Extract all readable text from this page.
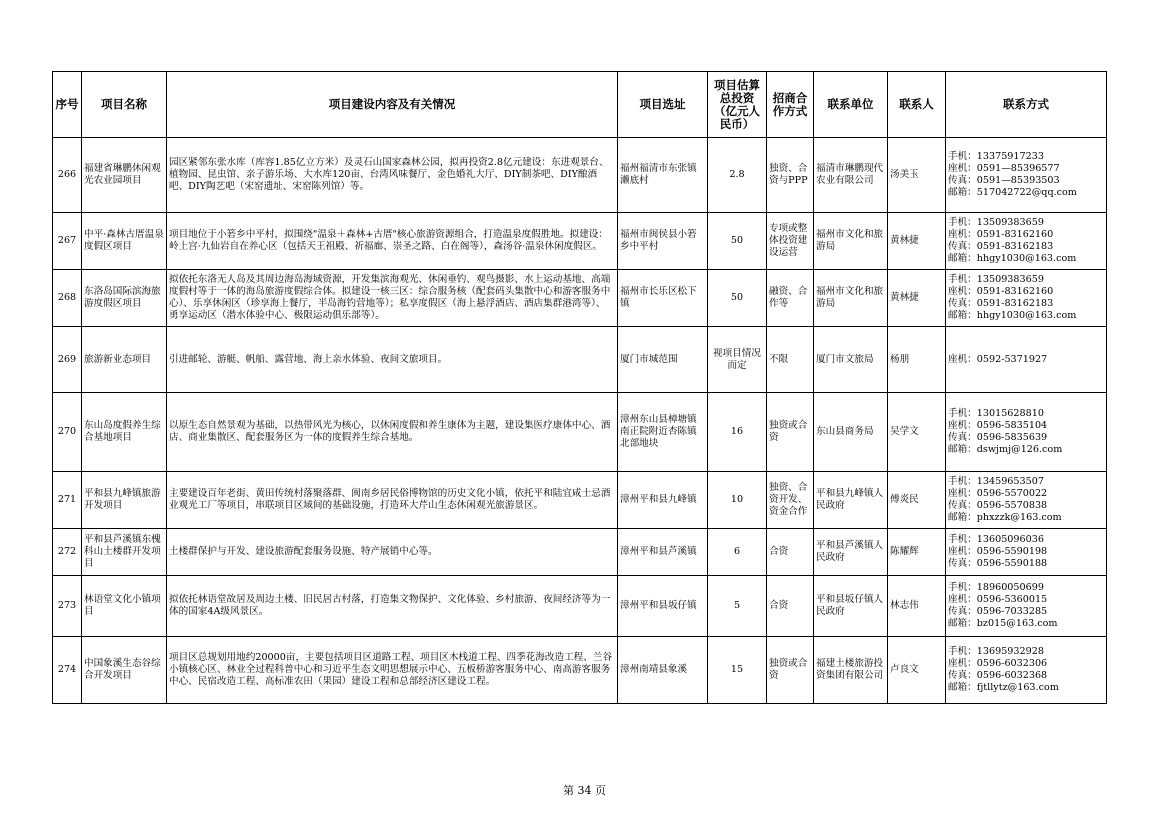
序号	项目名称	项目建设内容及有关情况	项目选址	项目估算总投资（亿元人民币）	招商合作方式	联系单位	联系人	联系方式
266	福建省琳鹏休闲观光农业园项目	园区紧邻东张水库（库容1.85亿立方米）及灵石山国家森林公园，拟再投资2.8亿元建设：东进观景台、植物园、昆虫馆、亲子游乐场、大水库120亩、台湾风味餐厅、金色婚礼大厅、DIY制茶吧、DIY酿酒吧、DIY陶艺吧（宋窑遗址、宋窑陈列馆）等。	福州福清市东张镇濑底村	2.8	独资、合资与PPP	福清市琳鹏现代农业有限公司	汤美玉	手机：13375917233
座机：0591—85396577
传真：0591—85393503
邮箱：517042722@qq.com

267	中平·森林古厝温泉度假区项目	项目地位于小箬乡中平村，拟围绕"温泉＋森林+古厝"核心旅游资源组合，打造温泉度假胜地。拟建设：岭上宫·九仙岩自在养心区（包括天王祖殿、祈福廊、崇圣之路、白在阁等），森汤谷·温泉休闲度假区。	福州市闽侯县小箬乡中平村	50	专项或整体投资建设运营	福州市文化和旅游局	黄林捷	手机：13509383659
座机：0591-83162160
传真：0591-83162183
邮箱：hhgy1030@163.com

268	东洛岛国际滨海旅游度假区项目	拟依托东洛无人岛及其周边海岛海域资源，开发集滨海观光、休闲垂钓、观鸟摄影、水上运动基地、高端度假村等于一体的海岛旅游度假综合体。拟建设一核三区：综合服务核（配套码头集散中心和游客服务中心）、乐享休闲区（珍享海上餐厅，半岛海钓营地等）；私享度假区（海上悬浮酒店、酒店集群港湾等）、勇享运动区（潜水体验中心、极限运动俱乐部等）。	福州市长乐区松下镇	50	融资、合作等	福州市文化和旅游局	黄林捷	手机：13509383659
座机：0591-83162160
传真：0591-83162183
邮箱：hhgy1030@163.com

269	旅游新业态项目	引进邮轮、游艇、帆船、露营地、海上亲水体验、夜间文旅项目。	厦门市城范围	视项目情况而定	不限	厦门市文旅局	杨朋	座机：0592-5371927

270	东山岛度假养生综合基地项目	以原生态自然景观为基础，以热带风光为核心，以休闲度假和养生康体为主题，建设集医疗康体中心、酒店、商业集散区、配套服务区为一体的度假养生综合基地。	漳州东山县樟塘镇南正院附近杏陈镇北部地块	16	独资或合资	东山县商务局	吴学文	手机：13015628810
座机：0596-5835104
传真：0596-5835639
邮箱：dswjmj@126.com

271	平和县九峰镇旅游开发项目	主要建设百年老街、黄田传统村落聚落群、闽南乡居民俗博物馆的历史文化小镇，依托平和陆宜咸士忌酒业观光工厂等项目，串联项目区域间的基础设施，打造环大芹山生态休闲观光旅游景区。	漳州平和县九峰镇	10	独资、合资开发、资金合作	平和县九峰镇人民政府	傅炎民	手机：13459653507
座机：0596-5570022
传真：0596-5570838
邮箱：phxzzk@163.com

272	平和县芦溪镇东槐科山土楼群开发项目	土楼群保护与开发、建设旅游配套服务设施、特产展销中心等。	漳州平和县芦溪镇	6	合资	平和县芦溪镇人民政府	陈耀辉	手机：13605096036
座机：0596-5590198
传真：0596-5590188

273	林语堂文化小镇项目	拟依托林语堂故居及周边土楼、旧民居古村落，打造集文物保护、文化体验、乡村旅游、夜间经济等为一体的国家4A级风景区。	漳州平和县坂仔镇	5	合资	平和县坂仔镇人民政府	林志伟	手机：18960050699
座机：0596-5360015
传真：0596-7033285
邮箱：bz015@163.com

274	中国象溪生态谷综合开发项目	项目区总规划用地约20000亩，主要包括项目区道路工程、项目区木栈道工程、四季花海改造工程、兰谷小镇核心区、林业全过程科普中心和习近平生态文明思想展示中心、五板桥游客服务中心、南高游客服务中心、民宿改造工程、高标准农田（果园）建设工程和总部经济区建设工程。	漳州南靖县象溪	15	独资或合资	福建土楼旅游投资集团有限公司	卢良文	手机：13695932928
座机：0596-6032306
传真：0596-6032368
邮箱：fjtllytz@163.com
第 34 页
